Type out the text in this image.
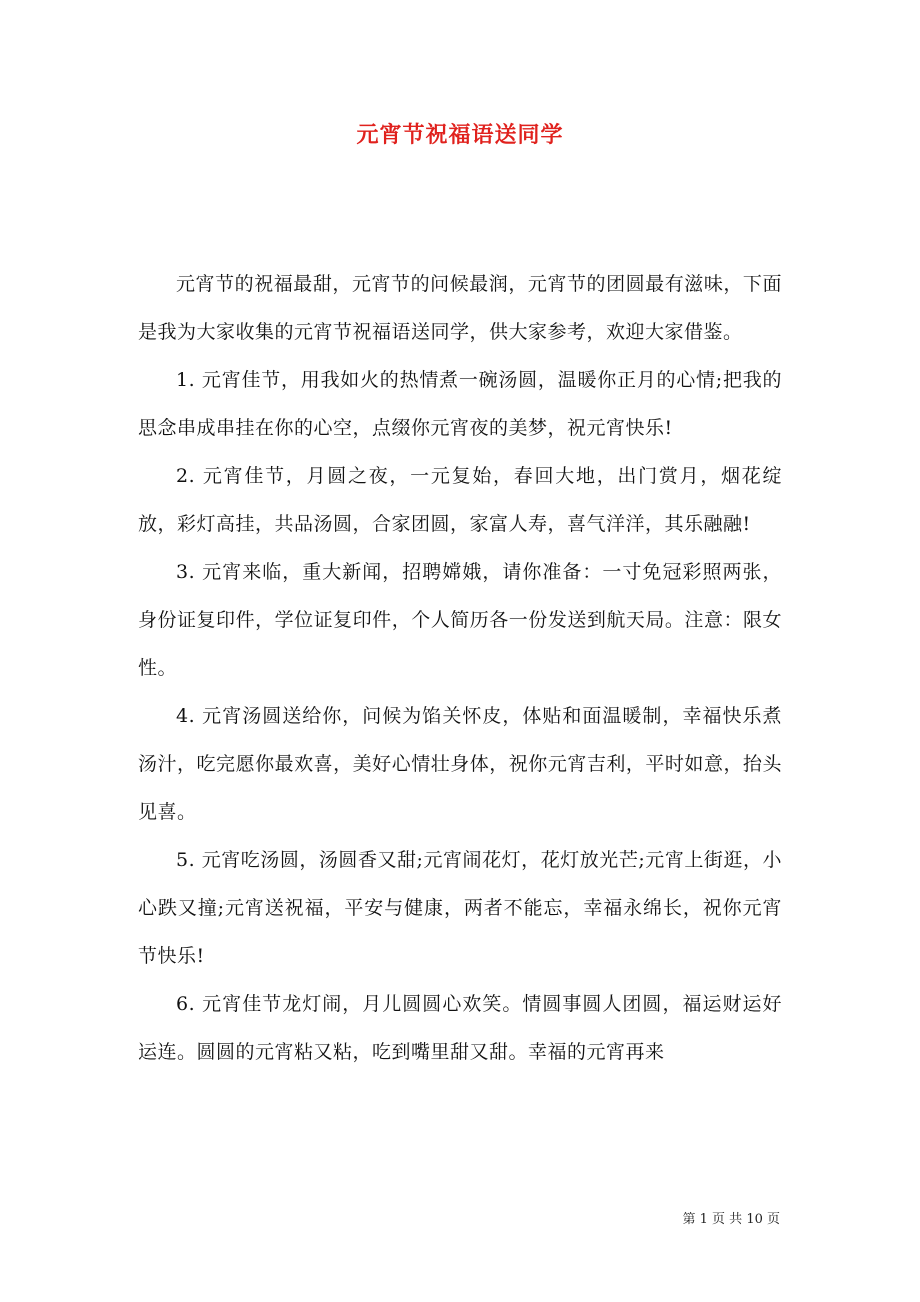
元宵节祝福语送同学

元宵节的祝福最甜，元宵节的问候最润，元宵节的团圆最有滋味，下面是我为大家收集的元宵节祝福语送同学，供大家参考，欢迎大家借鉴。

1. 元宵佳节，用我如火的热情煮一碗汤圆，温暖你正月的心情;把我的思念串成串挂在你的心空，点缀你元宵夜的美梦，祝元宵快乐!

2. 元宵佳节，月圆之夜，一元复始，春回大地，出门赏月，烟花绽放，彩灯高挂，共品汤圆，合家团圆，家富人寿，喜气洋洋，其乐融融!

3. 元宵来临，重大新闻，招聘嫦娥，请你准备：一寸免冠彩照两张，身份证复印件，学位证复印件，个人简历各一份发送到航天局。注意：限女性。

4. 元宵汤圆送给你，问候为馅关怀皮，体贴和面温暖制，幸福快乐煮汤汁，吃完愿你最欢喜，美好心情壮身体，祝你元宵吉利，平时如意，抬头见喜。

5. 元宵吃汤圆，汤圆香又甜;元宵闹花灯，花灯放光芒;元宵上街逛，小心跌又撞;元宵送祝福，平安与健康，两者不能忘，幸福永绵长，祝你元宵节快乐!

6. 元宵佳节龙灯闹，月儿圆圆心欢笑。情圆事圆人团圆，福运财运好运连。圆圆的元宵粘又粘，吃到嘴里甜又甜。幸福的元宵再来

第 1 页 共 10 页
